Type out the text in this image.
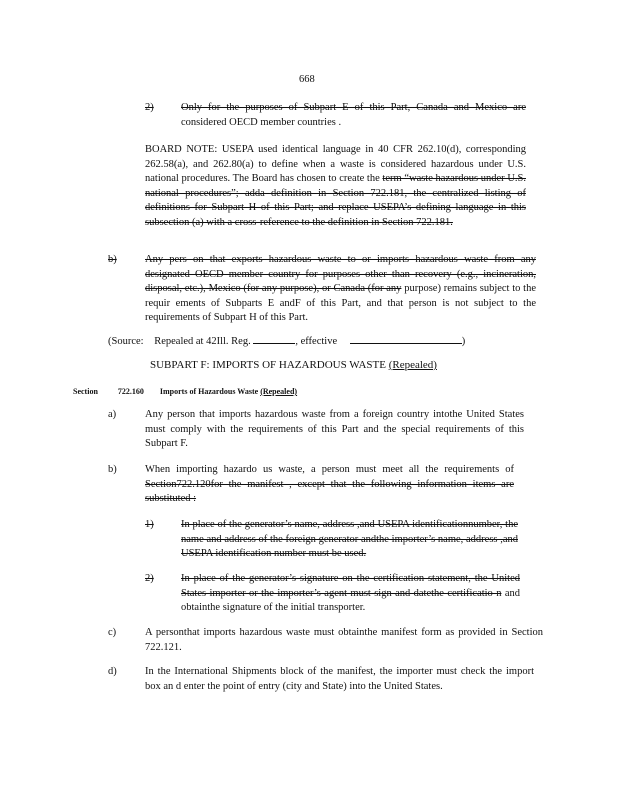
668
2)	Only for the purposes of Subpart E of this Part, Canada and Mexico are considered OECD member countries .
BOARD NOTE: USEPA used identical language in 40 CFR 262.10(d), corresponding 262.58(a), and 262.80(a) to define when a waste is considered hazardous under U.S. national procedures. The Board has chosen to create the term “waste hazardous under U.S. national procedures”; adda definition in Section 722.181, the centralized listing of definitions for Subpart H of this Part; and replace USEPA’s defining language in this subsection (a) with a cross-reference to the definition in Section 722.181.
b)	Any pers on that exports hazardous waste to or imports hazardous waste from any designated OECD member country for purposes other than recovery (e.g., incineration, disposal, etc.), Mexico (for any purpose), or Canada (for any purpose) remains subject to the requir ements of Subparts E andF of this Part, and that person is not subject to the requirements of Subpart H of this Part.
(Source: Repealed at 42Ill. Reg.	, effective	)
SUBPART F: IMPORTS OF HAZARDOUS WASTE (Repealed)
Section	722.160 Imports of Hazardous Waste (Repealed)
a)	Any person that imports hazardous waste from a foreign country intothe United States must comply with the requirements of this Part and the special requirements of this Subpart F.
b)	When importing hazardo us waste, a person must meet all the requirements of Section722.120for the manifest , except that the following information items are substituted :
1)	In place of the generator’s name, address ,and USEPA identificationnumber, the name and address of the foreign generator andthe importer’s name, address ,and USEPA identification number must be used.
2)	In place of the generator’s signature on the certification statement, the United States importer or the importer’s agent must sign and datethe certificatio n and obtainthe signature of the initial transporter.
c)	A personthat imports hazardous waste must obtainthe manifest form as provided in Section 722.121.
d)	In the International Shipments block of the manifest, the importer must check the import box an d enter the point of entry (city and State) into the United States.
